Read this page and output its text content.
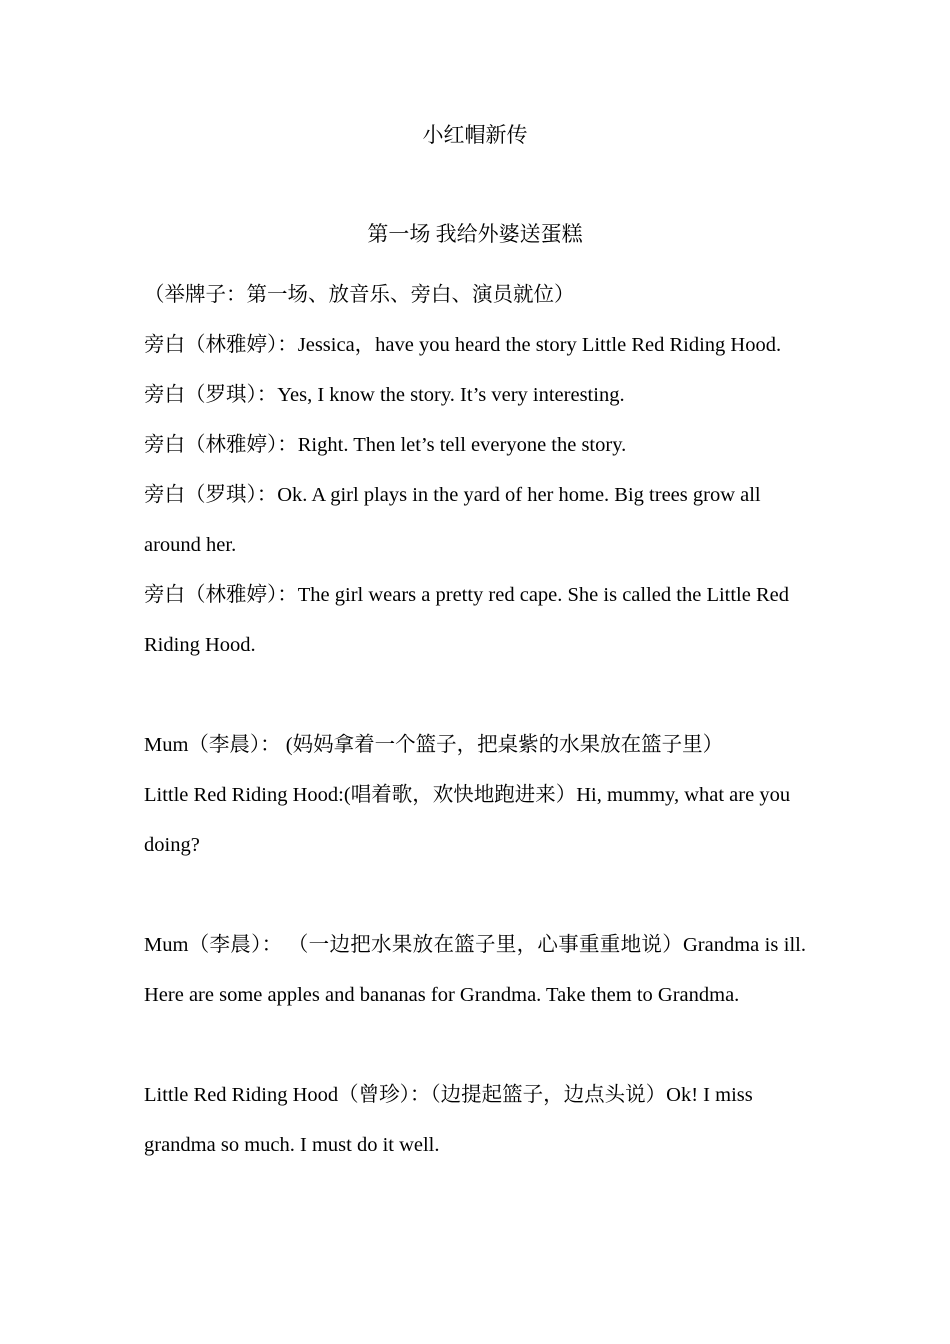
小红帽新传
第一场 我给外婆送蛋糕
（举牌子：第一场、放音乐、旁白、演员就位）
旁白（林雅婷）：Jessica，have you heard the story Little Red Riding Hood.
旁白（罗琪）：Yes, I know the story. It’s very interesting.
旁白（林雅婷）：Right. Then let’s tell everyone the story.
旁白（罗琪）：Ok. A girl plays in the yard of her home. Big trees grow all around her.
旁白（林雅婷）：The girl wears a pretty red cape. She is called the Little Red Riding Hood.
Mum（李晨）： (妈妈拿着一个篮子，把桌紫的水果放在篮子里）
Little Red Riding Hood:(唱着歌，欢快地跑进来）Hi, mummy, what are you doing?
Mum（李晨）： （一边把水果放在篮子里，心事重重地说）Grandma is ill. Here are some apples and bananas for Grandma. Take them to Grandma.
Little Red Riding Hood（曾珍）：（边提起篮子，边点头说）Ok! I miss grandma so much. I must do it well.
